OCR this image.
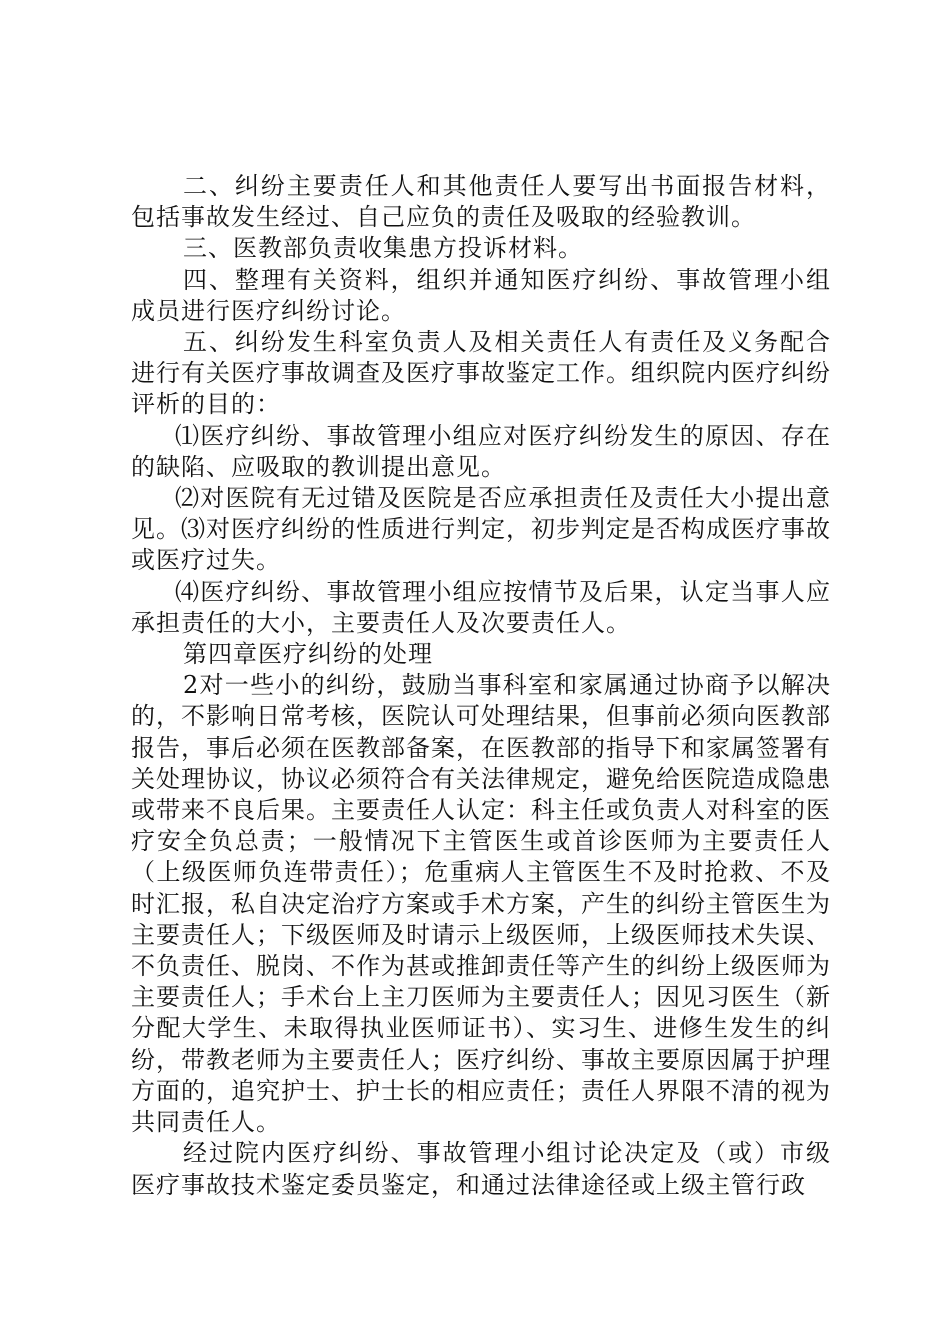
二、纠纷主要责任人和其他责任人要写出书面报告材料，包括事故发生经过、自己应负的责任及吸取的经验教训。

三、医教部负责收集患方投诉材料。

四、整理有关资料，组织并通知医疗纠纷、事故管理小组成员进行医疗纠纷讨论。

五、纠纷发生科室负责人及相关责任人有责任及义务配合进行有关医疗事故调查及医疗事故鉴定工作。组织院内医疗纠纷评析的目的：

⑴医疗纠纷、事故管理小组应对医疗纠纷发生的原因、存在的缺陷、应吸取的教训提出意见。

⑵对医院有无过错及医院是否应承担责任及责任大小提出意见。⑶对医疗纠纷的性质进行判定，初步判定是否构成医疗事故或医疗过失。

⑷医疗纠纷、事故管理小组应按情节及后果，认定当事人应承担责任的大小，主要责任人及次要责任人。

第四章医疗纠纷的处理

2对一些小的纠纷，鼓励当事科室和家属通过协商予以解决的，不影响日常考核，医院认可处理结果，但事前必须向医教部报告，事后必须在医教部备案，在医教部的指导下和家属签署有关处理协议，协议必须符合有关法律规定，避免给医院造成隐患或带来不良后果。主要责任人认定：科主任或负责人对科室的医疗安全负总责；一般情况下主管医生或首诊医师为主要责任人（上级医师负连带责任）；危重病人主管医生不及时抢救、不及时汇报，私自决定治疗方案或手术方案，产生的纠纷主管医生为主要责任人；下级医师及时请示上级医师，上级医师技术失误、不负责任、脱岗、不作为甚或推卸责任等产生的纠纷上级医师为主要责任人；手术台上主刀医师为主要责任人；因见习医生（新分配大学生、未取得执业医师证书）、实习生、进修生发生的纠纷，带教老师为主要责任人；医疗纠纷、事故主要原因属于护理方面的，追究护士、护士长的相应责任；责任人界限不清的视为共同责任人。

经过院内医疗纠纷、事故管理小组讨论决定及（或）市级医疗事故技术鉴定委员鉴定，和通过法律途径或上级主管行政
